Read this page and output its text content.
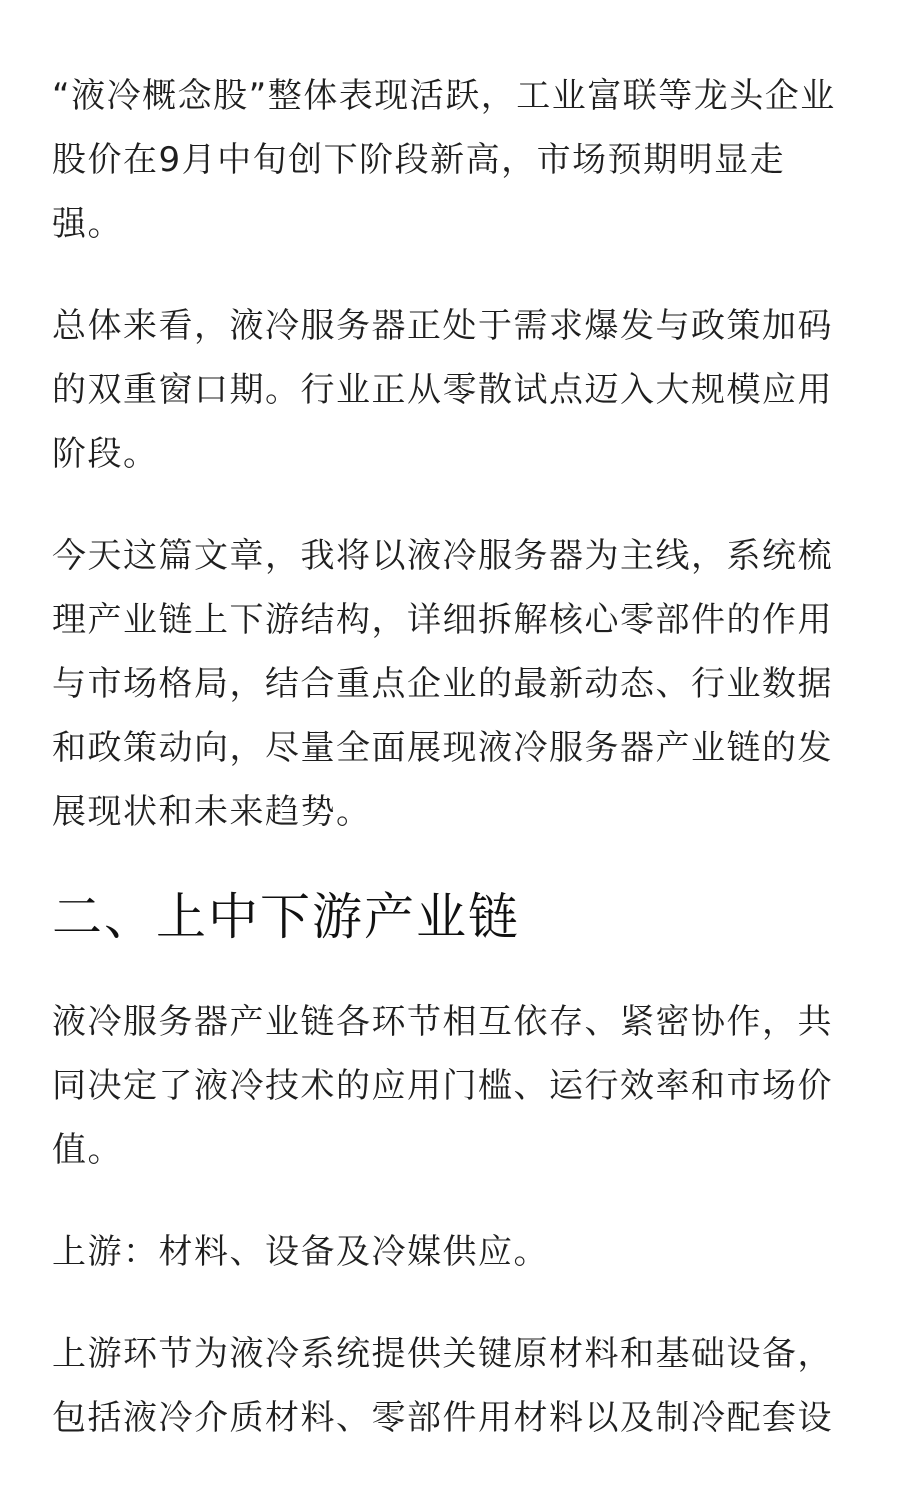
“液冷概念股”整体表现活跃，工业富联等龙头企业股价在9月中旬创下阶段新高，市场预期明显走强。

总体来看，液冷服务器正处于需求爆发与政策加码的双重窗口期。行业正从零散试点迈入大规模应用阶段。

今天这篇文章，我将以液冷服务器为主线，系统梳理产业链上下游结构，详细拆解核心零部件的作用与市场格局，结合重点企业的最新动态、行业数据和政策动向，尽量全面展现液冷服务器产业链的发展现状和未来趋势。

二、上中下游产业链

液冷服务器产业链各环节相互依存、紧密协作，共同决定了液冷技术的应用门槛、运行效率和市场价值。

上游：材料、设备及冷媒供应。

上游环节为液冷系统提供关键原材料和基础设备，包括液冷介质材料、零部件用材料以及制冷配套设
